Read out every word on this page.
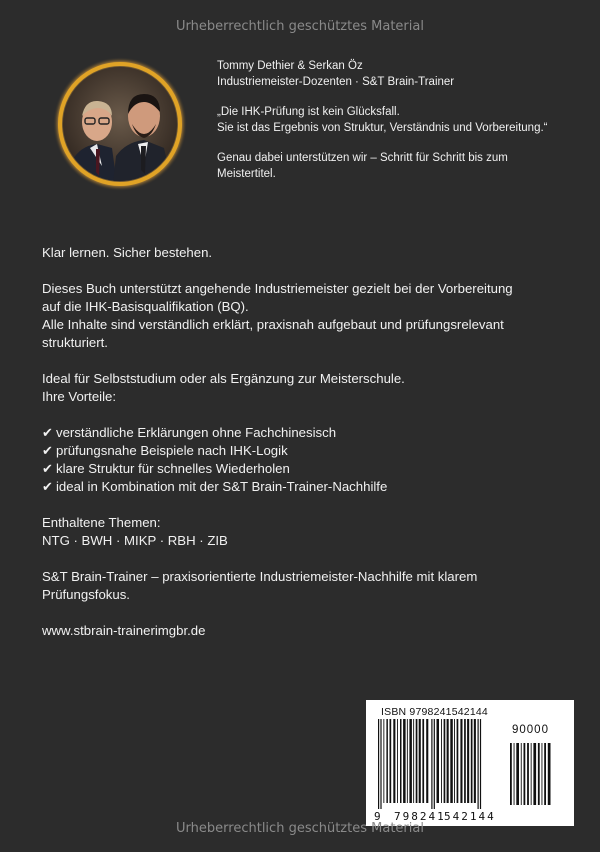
Urheberrechtlich geschütztes Material

Tommy Dethier & Serkan Öz

Industriemeister-Dozenten · S&T Brain-Trainer

„Die IHK-Prüfung ist kein Glücksfall.
Sie ist das Ergebnis von Struktur, Verständnis und Vorbereitung.“

Genau dabei unterstützen wir – Schritt für Schritt bis zum
Meistertitel.

Klar lernen. Sicher bestehen.

Dieses Buch unterstützt angehende Industriemeister gezielt bei der Vorbereitung
auf die IHK-Basisqualifikation (BQ).
Alle Inhalte sind verständlich erklärt, praxisnah aufgebaut und prüfungsrelevant
strukturiert.

Ideal für Selbststudium oder als Ergänzung zur Meisterschule.

Ihre Vorteile:

✔ verständliche Erklärungen ohne Fachchinesisch
✔ prüfungsnahe Beispiele nach IHK-Logik
✔ klare Struktur für schnelles Wiederholen
✔ ideal in Kombination mit der S&T Brain-Trainer-Nachhilfe

Enthaltene Themen:

NTG · BWH · MIKP · RBH · ZIB

S&T Brain-Trainer – praxisorientierte Industriemeister-Nachhilfe mit klarem
Prüfungsfokus.

www.stbrain-trainerimgbr.de

ISBN 9798241542144
90000
9 798241
542144
Urheberrechtlich geschütztes Material
